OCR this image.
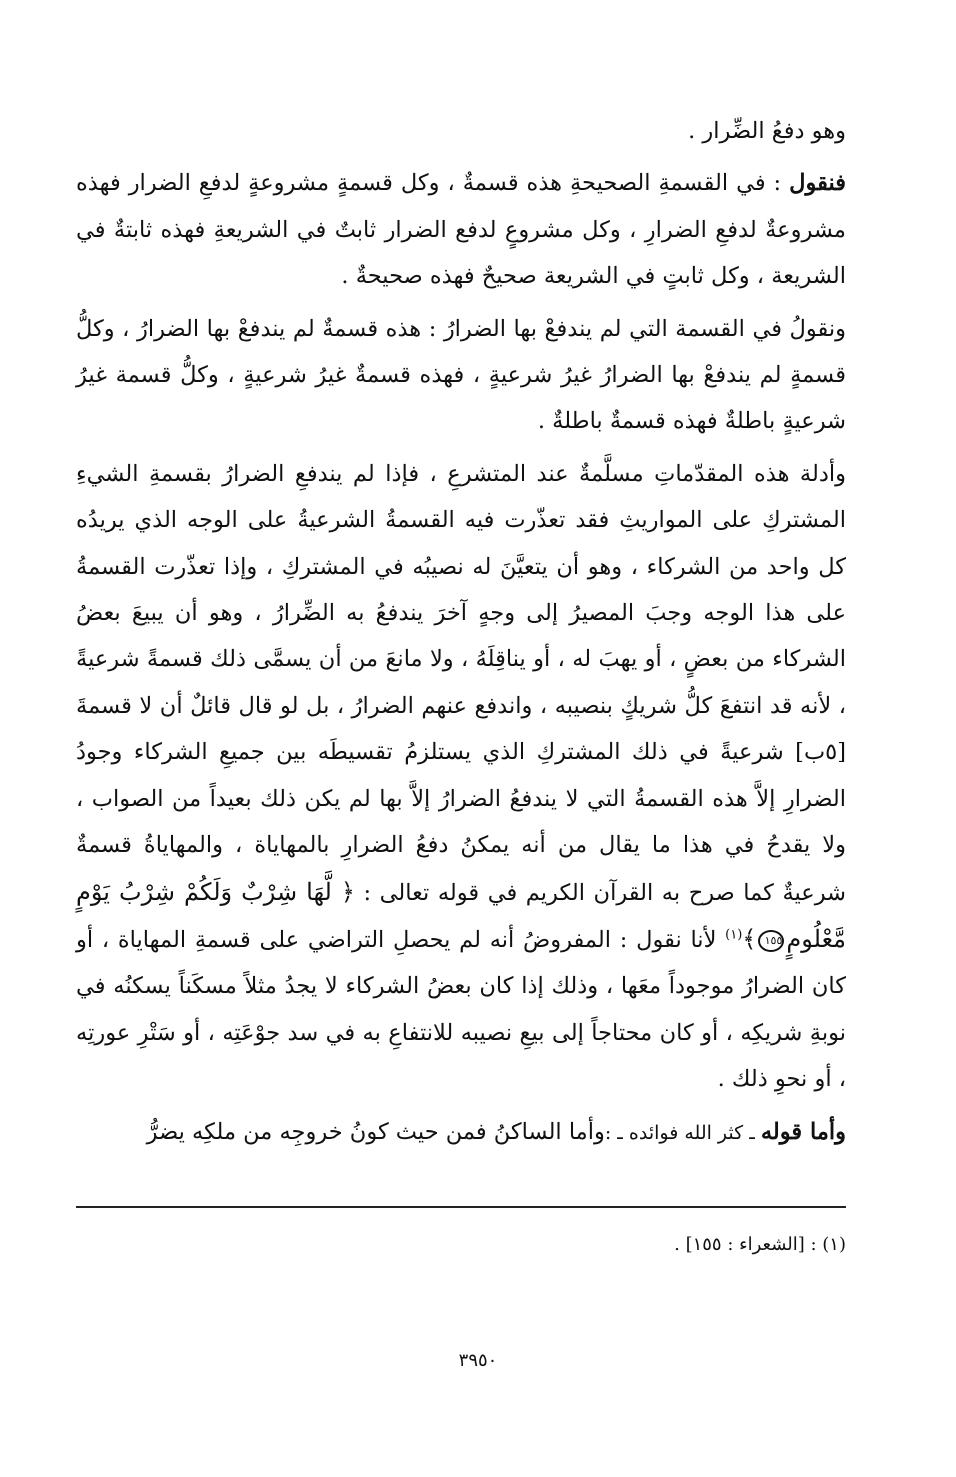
وهو دفعُ الضِّرار .

فنقول : في القسمةِ الصحيحةِ هذه قسمةٌ ، وكل قسمةٍ مشروعةٍ لدفعِ الضرار فهذه مشروعةٌ لدفعِ الضرارِ ، وكل مشروعٍ لدفع الضرار ثابتٌ في الشريعةِ فهذه ثابتةٌ في الشريعة ، وكل ثابتٍ في الشريعة صحيحٌ فهذه صحيحةٌ .

ونقولُ في القسمة التي لم يندفعْ بها الضرارُ : هذه قسمةٌ لم يندفعْ بها الضرارُ ، وكلُّ قسمةٍ لم يندفعْ بها الضرارُ غيرُ شرعيةٍ ، فهذه قسمةٌ غيرُ شرعيةٍ ، وكلُّ قسمة غيرُ شرعيةٍ باطلةٌ فهذه قسمةٌ باطلةٌ .

وأدلة هذه المقدّماتِ مسلَّمةٌ عند المتشرعِ ، فإذا لم يندفعِ الضرارُ بقسمةِ الشيءِ المشتركِ على المواريثِ فقد تعذّرت فيه القسمةُ الشرعيةُ على الوجه الذي يريدُه كل واحد من الشركاء ، وهو أن يتعيَّنَ له نصيبُه في المشتركِ ، وإذا تعذّرت القسمةُ على هذا الوجه وجبَ المصيرُ إلى وجهٍ آخرَ يندفعُ به الضِّرارُ ، وهو أن يبيعَ بعضُ الشركاء من بعضٍ ، أو يهبَ له ، أو يناقِلَهُ ، ولا مانعَ من أن يسمَّى ذلك قسمةً شرعيةً ، لأنه قد انتفعَ كلُّ شريكٍ بنصيبه ، واندفع عنهم الضرارُ ، بل لو قال قائلٌ أن لا قسمةَ [٥ب] شرعيةً في ذلك المشتركِ الذي يستلزمُ تقسيطَه بين جميعِ الشركاء وجودُ الضرارِ إلاَّ هذه القسمةُ التي لا يندفعُ الضرارُ إلاَّ بها لم يكن ذلك بعيداً من الصواب ، ولا يقدحُ في هذا ما يقال من أنه يمكنُ دفعُ الضرارِ بالمهاياة ، والمهاياةُ قسمةٌ شرعيةٌ كما صرح به القرآن الكريم في قوله تعالى : ﴿ لَّهَا شِرْبٌ وَلَكُمْ شِرْبُ يَوْمٍ مَّعْلُومٍ١٥٥﴾$^{(١)}$ لأنا نقول : المفروضُ أنه لم يحصلِ التراضي على قسمةِ المهاياة ، أو كان الضرارُ موجوداً معَها ، وذلك إذا كان بعضُ الشركاء لا يجدُ مثلاً مسكَناً يسكنُه في نوبةِ شريكِه ، أو كان محتاجاً إلى بيعِ نصيبه للانتفاعِ به في سد جوْعَتِه ، أو سَتْرِ عورتِه ، أو نحوِ ذلك .

وأما قوله ـ كثر الله فوائده ـ :وأما الساكنُ فمن حيث كونُ خروجِه من ملكِه يضرُّ

(١) : [الشعراء : ١٥٥] .
٣٩٥٠
